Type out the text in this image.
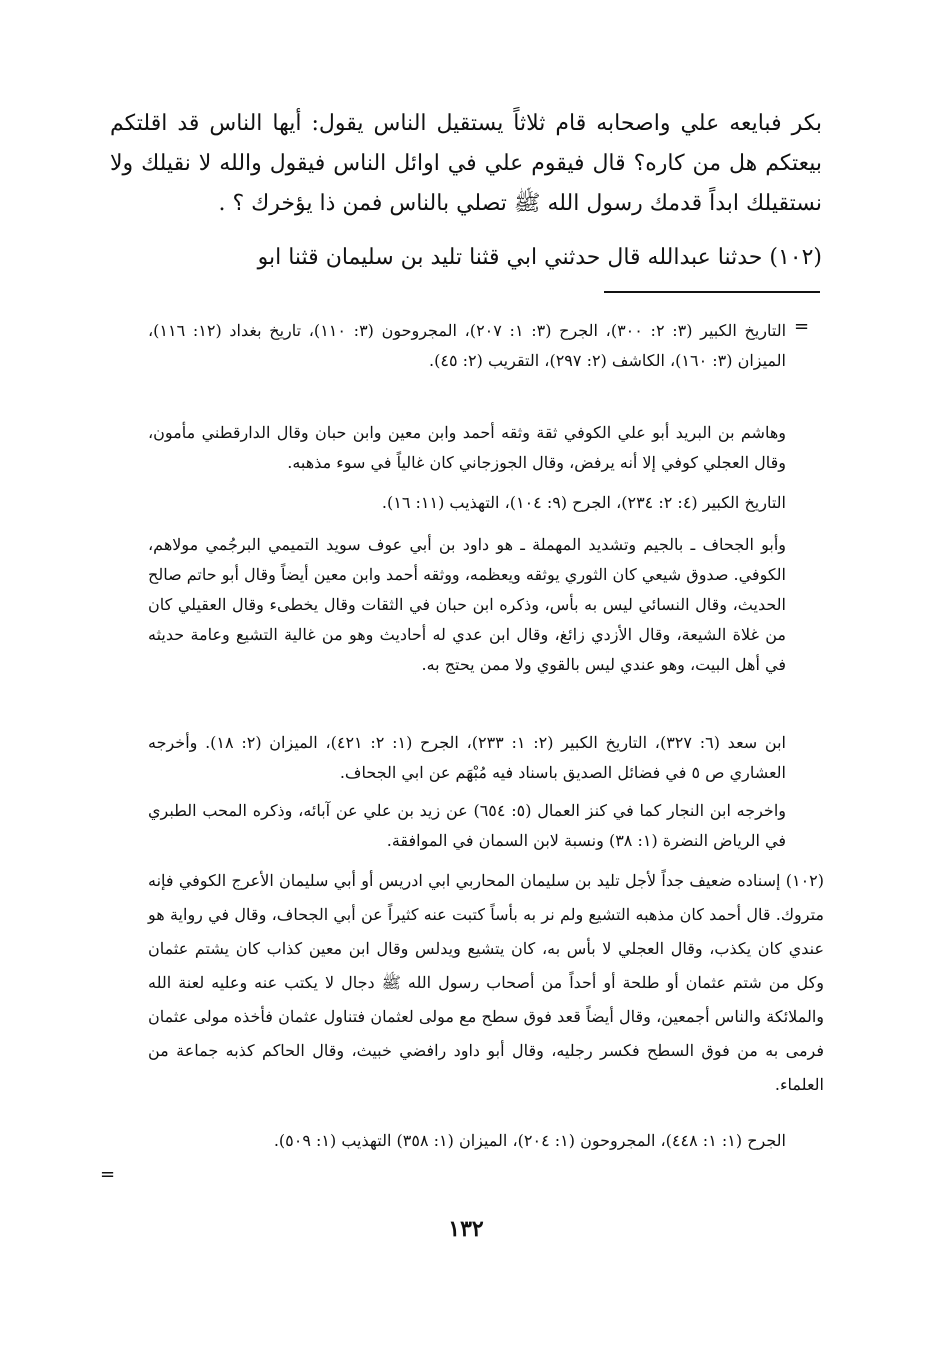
بكر فبايعه علي واصحابه قام ثلاثاً يستقيل الناس يقول: أيها الناس قد اقلتكم بيعتكم هل من كاره؟ قال فيقوم علي في اوائل الناس فيقول والله لا نقيلك ولا نستقيلك ابداً قدمك رسول الله ﷺ تصلي بالناس فمن ذا يؤخرك ؟ .

(١٠٢) حدثنا عبدالله قال حدثني ابي قثنا تليد بن سليمان قثنا ابو

=

التاريخ الكبير (٣: ٢: ٣٠٠)، الجرح (٣: ١: ٢٠٧)، المجروحون (٣: ١١٠)، تاريخ بغداد (١٢: ١١٦)، الميزان (٣: ١٦٠)، الكاشف (٢: ٢٩٧)، التقريب (٢: ٤٥).

وهاشم بن البريد أبو علي الكوفي ثقة وثقه أحمد وابن معين وابن حبان وقال الدارقطني مأمون، وقال العجلي كوفي إلا أنه يرفض، وقال الجوزجاني كان غالياً في سوء مذهبه.

التاريخ الكبير (٤: ٢: ٢٣٤)، الجرح (٩: ١٠٤)، التهذيب (١١: ١٦).

وأبو الجحاف ـ بالجيم وتشديد المهملة ـ هو داود بن أبي عوف سويد التميمي البرجُمي مولاهم، الكوفي. صدوق شيعي كان الثوري يوثقه ويعظمه، ووثقه أحمد وابن معين أيضاً وقال أبو حاتم صالح الحديث، وقال النسائي ليس به بأس، وذكره ابن حبان في الثقات وقال يخطىء وقال العقيلي كان من غلاة الشيعة، وقال الأزدي زائغ، وقال ابن عدي له أحاديث وهو من غالية التشيع وعامة حديثه في أهل البيت، وهو عندي ليس بالقوي ولا ممن يحتج به.

ابن سعد (٦: ٣٢٧)، التاريخ الكبير (٢: ١: ٢٣٣)، الجرح (١: ٢: ٤٢١)، الميزان (٢: ١٨). وأخرجه العشاري ص ٥ في فضائل الصديق باسناد فيه مُبْهَم عن ابي الجحاف.

واخرجه ابن النجار كما في كنز العمال (٥: ٦٥٤) عن زيد بن علي عن آبائه، وذكره المحب الطبري في الرياض النضرة (١: ٣٨) ونسبة لابن السمان في الموافقة.

(١٠٢) إسناده ضعيف جداً لأجل تليد بن سليمان المحاربي ابي ادريس أو أبي سليمان الأعرج الكوفي فإنه متروك. قال أحمد كان مذهبه التشيع ولم نر به بأساً كتبت عنه كثيراً عن أبي الجحاف، وقال في رواية هو عندي كان يكذب، وقال العجلي لا بأس به، كان يتشيع ويدلس وقال ابن معين كذاب كان يشتم عثمان وكل من شتم عثمان أو طلحة أو أحداً من أصحاب رسول الله ﷺ دجال لا يكتب عنه وعليه لعنة الله والملائكة والناس أجمعين، وقال أيضاً قعد فوق سطح مع مولى لعثمان فتناول عثمان فأخذه مولى عثمان فرمى به من فوق السطح فكسر رجليه، وقال أبو داود رافضي خبيث، وقال الحاكم كذبه جماعة من العلماء.

الجرح (١: ١: ٤٤٨)، المجروحون (١: ٢٠٤)، الميزان (١: ٣٥٨) التهذيب (١: ٥٠٩).

=
١٣٢
